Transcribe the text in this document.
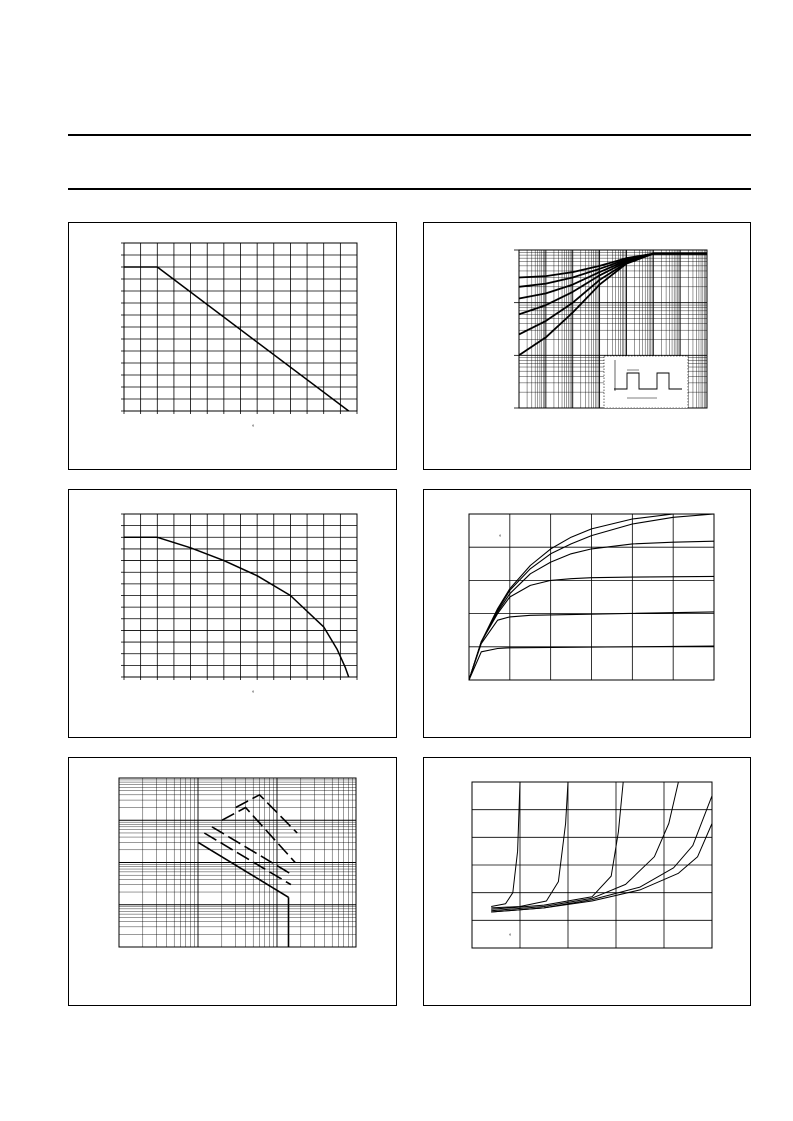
°
°
°
°
